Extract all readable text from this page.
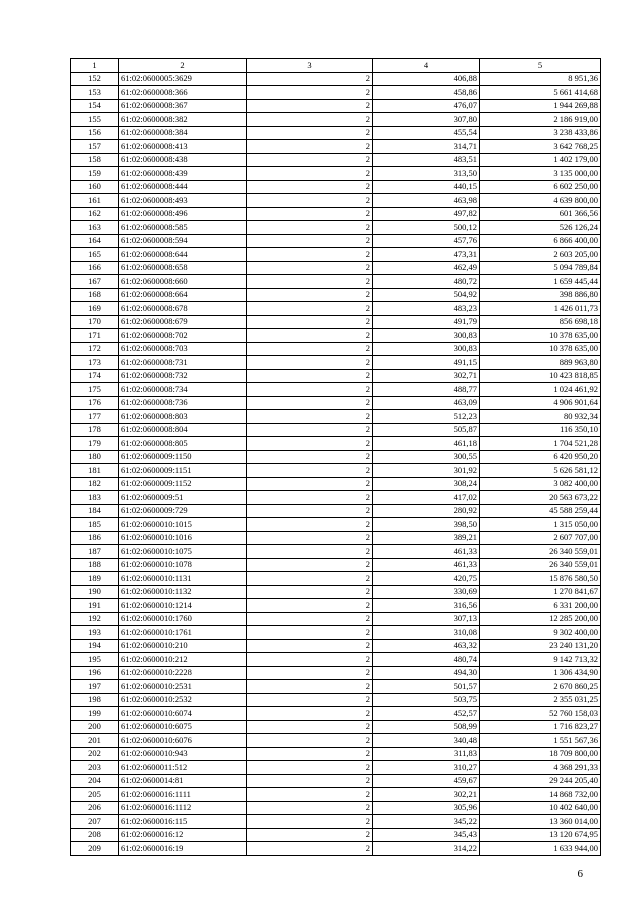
1	2	3	4	5
152	61:02:0600005:3629	2	406,88	8 951,36
153	61:02:0600008:366	2	458,86	5 661 414,68
154	61:02:0600008:367	2	476,07	1 944 269,88
155	61:02:0600008:382	2	307,80	2 186 919,00
156	61:02:0600008:384	2	455,54	3 238 433,86
157	61:02:0600008:413	2	314,71	3 642 768,25
158	61:02:0600008:438	2	483,51	1 402 179,00
159	61:02:0600008:439	2	313,50	3 135 000,00
160	61:02:0600008:444	2	440,15	6 602 250,00
161	61:02:0600008:493	2	463,98	4 639 800,00
162	61:02:0600008:496	2	497,82	601 366,56
163	61:02:0600008:585	2	500,12	526 126,24
164	61:02:0600008:594	2	457,76	6 866 400,00
165	61:02:0600008:644	2	473,31	2 603 205,00
166	61:02:0600008:658	2	462,49	5 094 789,84
167	61:02:0600008:660	2	480,72	1 659 445,44
168	61:02:0600008:664	2	504,92	398 886,80
169	61:02:0600008:678	2	483,23	1 426 011,73
170	61:02:0600008:679	2	491,79	856 698,18
171	61:02:0600008:702	2	300,83	10 378 635,00
172	61:02:0600008:703	2	300,83	10 378 635,00
173	61:02:0600008:731	2	491,15	889 963,80
174	61:02:0600008:732	2	302,71	10 423 818,85
175	61:02:0600008:734	2	488,77	1 024 461,92
176	61:02:0600008:736	2	463,09	4 906 901,64
177	61:02:0600008:803	2	512,23	80 932,34
178	61:02:0600008:804	2	505,87	116 350,10
179	61:02:0600008:805	2	461,18	1 704 521,28
180	61:02:0600009:1150	2	300,55	6 420 950,20
181	61:02:0600009:1151	2	301,92	5 626 581,12
182	61:02:0600009:1152	2	308,24	3 082 400,00
183	61:02:0600009:51	2	417,02	20 563 673,22
184	61:02:0600009:729	2	280,92	45 588 259,44
185	61:02:0600010:1015	2	398,50	1 315 050,00
186	61:02:0600010:1016	2	389,21	2 607 707,00
187	61:02:0600010:1075	2	461,33	26 340 559,01
188	61:02:0600010:1078	2	461,33	26 340 559,01
189	61:02:0600010:1131	2	420,75	15 876 580,50
190	61:02:0600010:1132	2	330,69	1 270 841,67
191	61:02:0600010:1214	2	316,56	6 331 200,00
192	61:02:0600010:1760	2	307,13	12 285 200,00
193	61:02:0600010:1761	2	310,08	9 302 400,00
194	61:02:0600010:210	2	463,32	23 240 131,20
195	61:02:0600010:212	2	480,74	9 142 713,32
196	61:02:0600010:2228	2	494,30	1 306 434,90
197	61:02:0600010:2531	2	501,57	2 670 860,25
198	61:02:0600010:2532	2	503,75	2 355 031,25
199	61:02:0600010:6074	2	452,57	52 760 158,03
200	61:02:0600010:6075	2	508,99	1 716 823,27
201	61:02:0600010:6076	2	340,48	1 551 567,36
202	61:02:0600010:943	2	311,83	18 709 800,00
203	61:02:0600011:512	2	310,27	4 368 291,33
204	61:02:0600014:81	2	459,67	29 244 205,40
205	61:02:0600016:1111	2	302,21	14 868 732,00
206	61:02:0600016:1112	2	305,96	10 402 640,00
207	61:02:0600016:115	2	345,22	13 360 014,00
208	61:02:0600016:12	2	345,43	13 120 674,95
209	61:02:0600016:19	2	314,22	1 633 944,00
6
